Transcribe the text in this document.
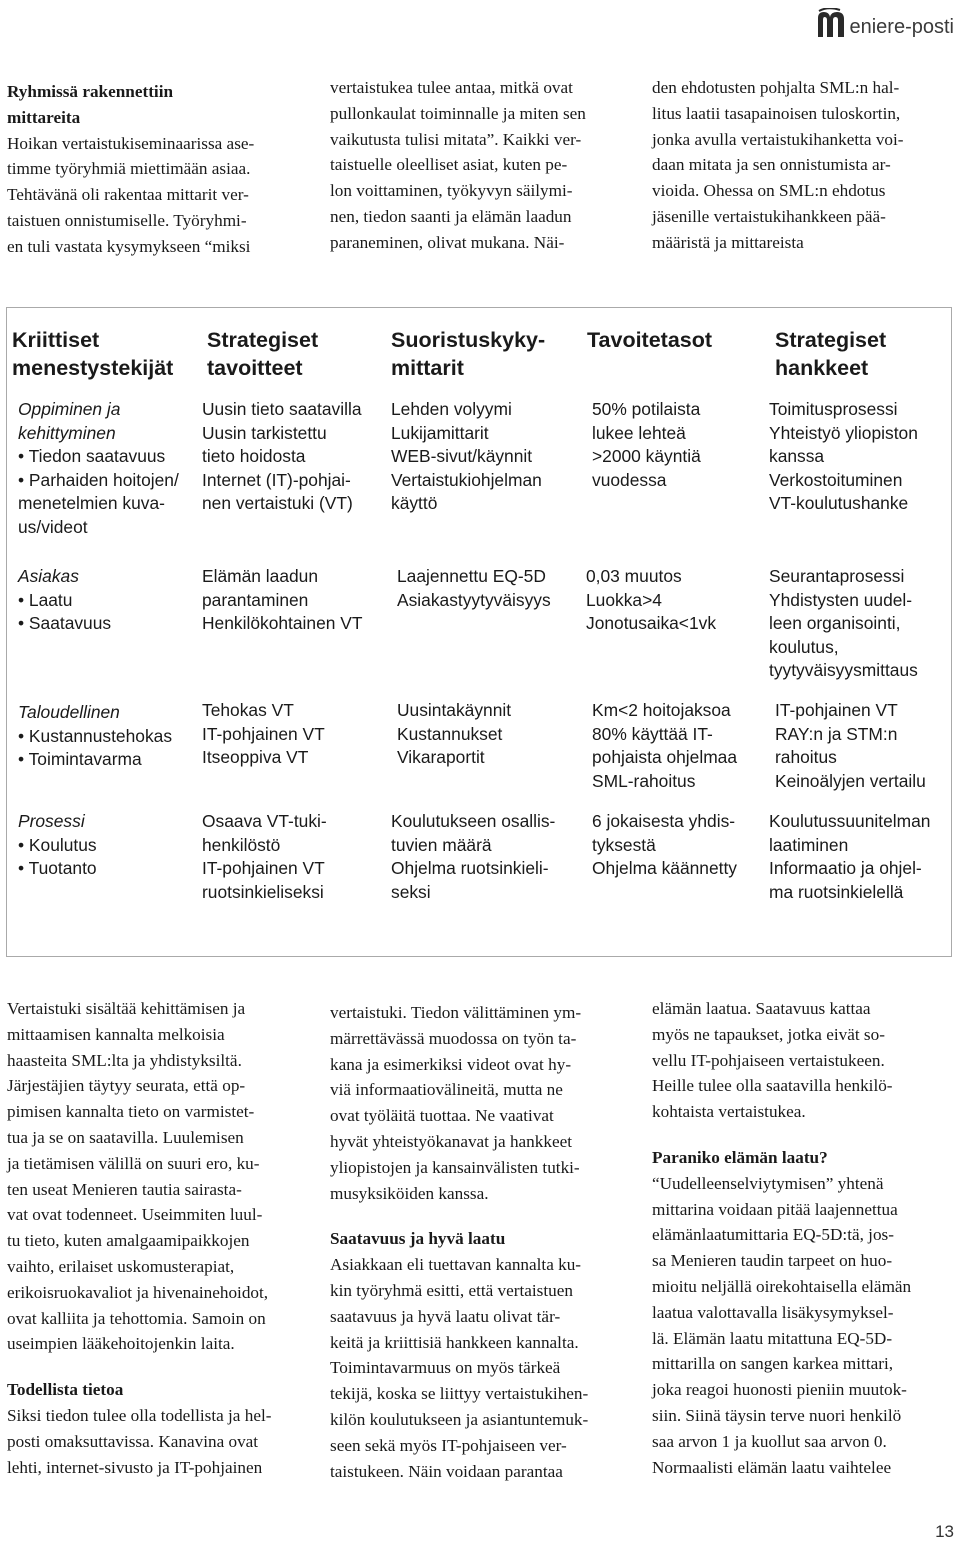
eniere-posti
Ryhmissä rakennettiin
mittareita
Hoikan vertaistukiseminaarissa ase-
timme työryhmiä miettimään asiaa.
Tehtävänä oli rakentaa mittarit ver-
taistuen onnistumiselle. Työryhmi-
en tuli vastata kysymykseen “miksi
vertaistukea tulee antaa, mitkä ovat
pullonkaulat toiminnalle ja miten sen
vaikutusta tulisi mitata”. Kaikki ver-
taistuelle oleelliset asiat, kuten pe-
lon voittaminen, työkyvyn säilymi-
nen, tiedon saanti ja elämän laadun
paraneminen, olivat mukana. Näi-
den ehdotusten pohjalta SML:n hal-
litus laatii tasapainoisen tuloskortin,
jonka avulla vertaistukihanketta voi-
daan mitata ja sen onnistumista ar-
vioida. Ohessa on SML:n ehdotus
jäsenille vertaistukihankkeen pää-
määristä ja mittareista
Kriittiset
menestystekijät
Strategiset
tavoitteet
Suoristuskyky-
mittarit
Tavoitetasot	Strategiset
hankkeet
Oppiminen ja
kehittyminen
• Tiedon saatavuus
• Parhaiden hoitojen/
menetelmien kuva-
us/videot
Uusin tieto saatavilla
Uusin tarkistettu
tieto hoidosta
Internet (IT)-pohjai-
nen vertaistuki (VT)
Lehden volyymi
Lukijamittarit
WEB-sivut/käynnit
Vertaistukiohjelman
käyttö
50% potilaista
lukee lehteä
>2000 käyntiä
vuodessa
Toimitusprosessi
Yhteistyö yliopiston
kanssa
Verkostoituminen
VT-koulutushanke
Asiakas
• Laatu
• Saatavuus
Elämän laadun
parantaminen
Henkilökohtainen VT
Laajennettu EQ-5D
Asiakastyytyväisyys
0,03 muutos
Luokka>4
Jonotusaika<1vk
Seurantaprosessi
Yhdistysten uudel-
leen organisointi,
koulutus,
tyytyväisyysmittaus
Taloudellinen
• Kustannustehokas
• Toimintavarma
Tehokas VT
IT-pohjainen VT
Itseoppiva VT
Uusintakäynnit
Kustannukset
Vikaraportit
Km<2 hoitojaksoa
80% käyttää IT-
pohjaista ohjelmaa
SML-rahoitus
IT-pohjainen VT
RAY:n ja STM:n
rahoitus
Keinoälyjen vertailu
Prosessi
• Koulutus
• Tuotanto
Osaava VT-tuki-
henkilöstö
IT-pohjainen VT
ruotsinkieliseksi
Koulutukseen osallis-
tuvien määrä
Ohjelma ruotsinkieli-
seksi
6 jokaisesta yhdis-
tyksestä
Ohjelma käännetty
Koulutussuunitelman
laatiminen
Informaatio ja ohjel-
ma ruotsinkielellä
Vertaistuki sisältää kehittämisen ja
mittaamisen kannalta melkoisia
haasteita SML:lta ja yhdistyksiltä.
Järjestäjien täytyy seurata, että op-
pimisen kannalta tieto on varmistet-
tua ja se on saatavilla. Luulemisen
ja tietämisen välillä on suuri ero, ku-
ten useat Menieren tautia sairasta-
vat ovat todenneet. Useimmiten luul-
tu tieto, kuten amalgaamipaikkojen
vaihto, erilaiset uskomusterapiat,
erikoisruokavaliot ja hivenainehoidot,
ovat kalliita ja tehottomia. Samoin on
useimpien lääkehoitojenkin laita.
Todellista tietoa
Siksi tiedon tulee olla todellista ja hel-
posti omaksuttavissa. Kanavina ovat
lehti, internet-sivusto ja IT-pohjainen
vertaistuki. Tiedon välittäminen ym-
märrettävässä muodossa on työn ta-
kana ja esimerkiksi videot ovat hy-
viä informaatiovälineitä, mutta ne
ovat työläitä tuottaa. Ne vaativat
hyvät yhteistyökanavat ja hankkeet
yliopistojen ja kansainvälisten tutki-
musyksiköiden kanssa.
Saatavuus ja hyvä laatu
Asiakkaan eli tuettavan kannalta ku-
kin työryhmä esitti, että vertaistuen
saatavuus ja hyvä laatu olivat tär-
keitä ja kriittisiä hankkeen kannalta.
Toimintavarmuus on myös tärkeä
tekijä, koska se liittyy vertaistukihen-
kilön koulutukseen ja asiantuntemuk-
seen sekä myös IT-pohjaiseen ver-
taistukeen. Näin voidaan parantaa
elämän laatua. Saatavuus kattaa
myös ne tapaukset, jotka eivät so-
vellu IT-pohjaiseen vertaistukeen.
Heille tulee olla saatavilla henkilö-
kohtaista vertaistukea.
Paraniko elämän laatu?
“Uudelleenselviytymisen” yhtenä
mittarina voidaan pitää laajennettua
elämänlaatumittaria EQ-5D:tä, jos-
sa Menieren taudin tarpeet on huo-
mioitu neljällä oirekohtaisella elämän
laatua valottavalla lisäkysymyksel-
lä. Elämän laatu mitattuna EQ-5D-
mittarilla on sangen karkea mittari,
joka reagoi huonosti pieniin muutok-
siin. Siinä täysin terve nuori henkilö
saa arvon 1 ja kuollut saa arvon 0.
Normaalisti elämän laatu vaihtelee
13
